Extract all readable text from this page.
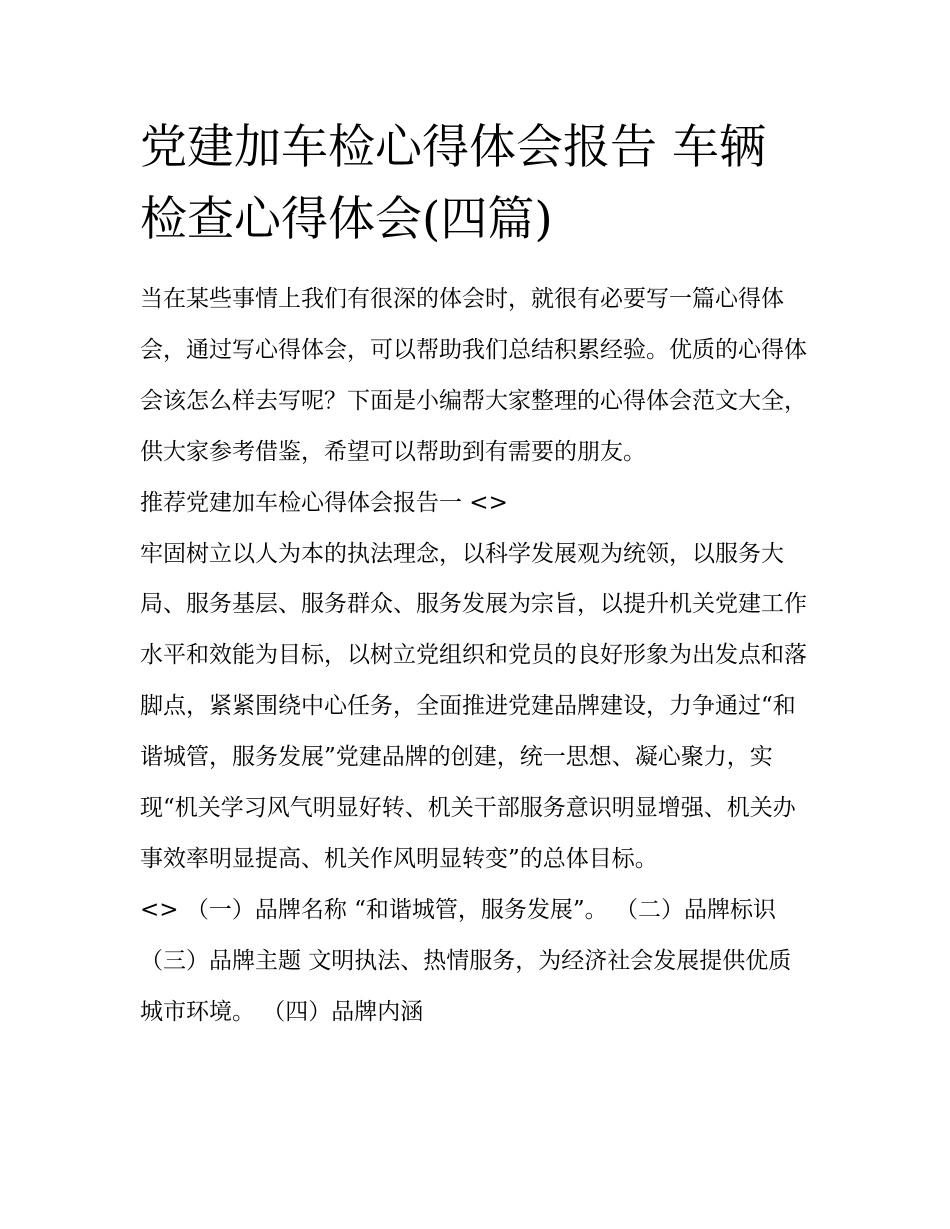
党建加车检心得体会报告 车辆检查心得体会(四篇)

当在某些事情上我们有很深的体会时，就很有必要写一篇心得体会，通过写心得体会，可以帮助我们总结积累经验。优质的心得体会该怎么样去写呢？下面是小编帮大家整理的心得体会范文大全，供大家参考借鉴，希望可以帮助到有需要的朋友。

推荐党建加车检心得体会报告一 <>

牢固树立以人为本的执法理念，以科学发展观为统领，以服务大局、服务基层、服务群众、服务发展为宗旨，以提升机关党建工作水平和效能为目标，以树立党组织和党员的良好形象为出发点和落脚点，紧紧围绕中心任务，全面推进党建品牌建设，力争通过“和谐城管，服务发展”党建品牌的创建，统一思想、凝心聚力，实现“机关学习风气明显好转、机关干部服务意识明显增强、机关办事效率明显提高、机关作风明显转变”的总体目标。

<> （一）品牌名称 “和谐城管，服务发展”。 （二）品牌标识 （三）品牌主题 文明执法、热情服务，为经济社会发展提供优质城市环境。 （四）品牌内涵
